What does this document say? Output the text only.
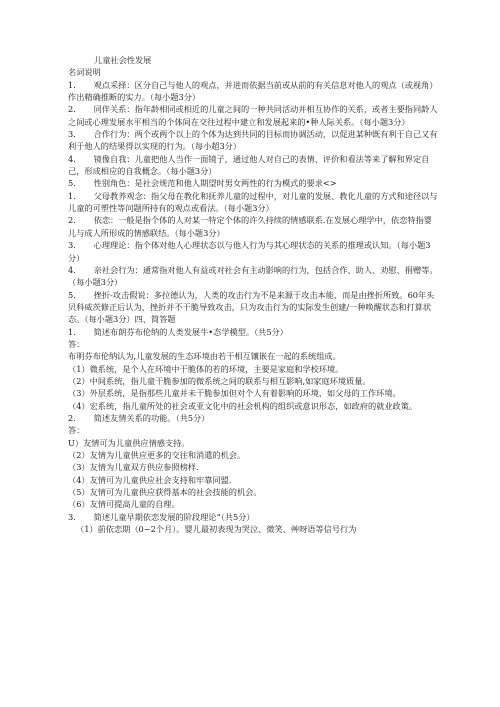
儿童社会性发展

名词说明

1．　　观点采择：区分自己与他人的观点，并进而依据当前或从前的有关信息对他人的观点（或视角）作出精确推断的实力。（每小题3分）

2．　　同伴关系：指年龄相同或相近的儿童之间的一种共同活动并相互协作的关系，或者主要指同龄人之间或心理发展水平相当的个体间在交往过程中建立和发展起来的•种人际关系。（每小题3分）

3．　　合作行为：两个或两个以上的个体为达到共同的目标而协调活动，以促进某种既有利于自己又有利于他人的结果得以实现的行为。（每小超3分）

4．　　镜像自我：儿童把他人当作一面镜子，通过他人对自己的表情、评价和看法等来了解和界定自己，形成相应的自我概念。（每小题3分）

5．　　性别角色：是社会规范和他人期望时男女两性的行为模式的要求<>

1．　　父母教养观念：指父母在教化和抚养儿童的过程中，对儿童的发展、教化儿童的方式和途径以与儿童的可塑性等问题所持有的观点或看法。（每小题3分）

2．　　依恋：一般是指个体的人对某一特定个体的许久持续的情感联系.在发展心理学中，依恋特指婴儿与成人所形成的情感联结。（每小题3分）

3．　　心理理论：指个体对他人心理状态以与他人行为与其心理状态的关系的推理或认知。（每小题3分）

4．　　亲社会行为：通常指对他人有益或对社会有主动影响的行为，包括合作、助人、劝慰、捐赠等。（每小题3分）

5．　　挫折-攻击假说：多拉德认为，人类的攻击行为不是来源于攻击本能，而是由挫折所致。60年头贝科威茨修正后认为，挫折并不干脆导致攻击，只为攻击行为的实际发生创建/一种唤醒状态和打算状态。（每小题3分）四、简答题

1．　　简述布朗芬布伦纳的人类发展牛•态学模型。（共5分）

答：

布明芬布伦纳认为,儿童发展的生态环境由若干相互镶嵌在一起的系统组成。

（1）微系统，是个人在环境中干脆体的若的环境，主要是家庭和学校环境。

（2）中间系统，指儿童干脆参加的微系统之间的联系与相互影响,如家庭环境质量。

（3）外层系统，是指那些儿童并未干脆参加但对个人有着影响的环境，如父母的工作环境。

（4）宏系统，指儿童所处的社会或亚文化中的社会机构的组织或意识形态，如政府的就业政策。

2．　　简述友情关系的功能。（共5分）

答：

U）友情可为儿童供应情感支持。

（2）友情为儿童供应更多的交往和消遣的机会。

（3）友情为儿童双方供应参照榜样.

（4）友情可为儿童供应社会支持和牢靠同盟.

（5）友情可为儿童供应获得基本的社会技能的机会。

（6）友情可提高儿童的自理。

3．　　简述儿童早期依恋发展的阶段理论“（共5分）

（1）前依恋期（0~2个月）。婴儿最初表现为哭泣、微笑、艸呀语等信号行为
